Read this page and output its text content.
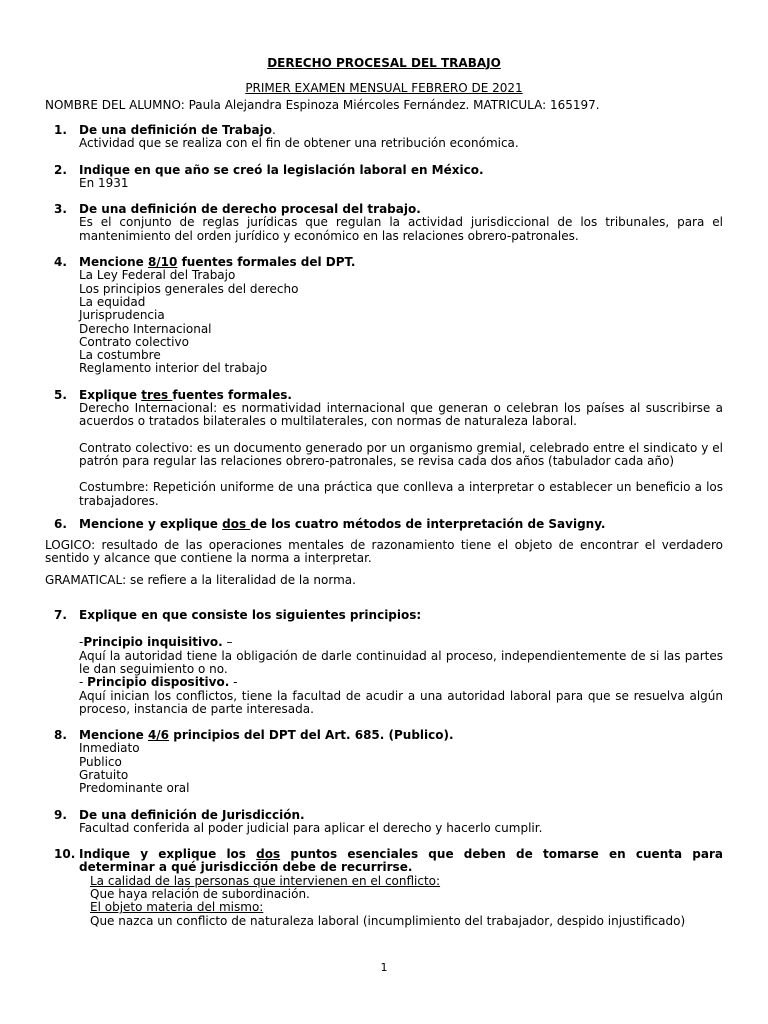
DERECHO PROCESAL DEL TRABAJO
PRIMER EXAMEN MENSUAL FEBRERO DE 2021
NOMBRE DEL ALUMNO: Paula Alejandra Espinoza Miércoles Fernández. MATRICULA: 165197.
1.	De una definición de Trabajo.
Actividad que se realiza con el fin de obtener una retribución económica.
2.	Indique en que año se creó la legislación laboral en México.
En 1931
3.	De una definición de derecho procesal del trabajo.
Es el conjunto de reglas jurídicas que regulan la actividad jurisdiccional de los tribunales, para el mantenimiento del orden jurídico y económico en las relaciones obrero-patronales.
4.	Mencione 8/10 fuentes formales del DPT.
La Ley Federal del Trabajo
Los principios generales del derecho
La equidad
Jurisprudencia
Derecho Internacional
Contrato colectivo
La costumbre
Reglamento interior del trabajo
5.	Explique tres fuentes formales.
Derecho Internacional: es normatividad internacional que generan o celebran los países al suscribirse a acuerdos o tratados bilaterales o multilaterales, con normas de naturaleza laboral.
Contrato colectivo: es un documento generado por un organismo gremial, celebrado entre el sindicato y el patrón para regular las relaciones obrero-patronales, se revisa cada dos años (tabulador cada año)
Costumbre: Repetición uniforme de una práctica que conlleva a interpretar o establecer un beneficio a los trabajadores.
6.	Mencione y explique dos de los cuatro métodos de interpretación de Savigny.
LOGICO: resultado de las operaciones mentales de razonamiento tiene el objeto de encontrar el verdadero sentido y alcance que contiene la norma a interpretar.
GRAMATICAL: se refiere a la literalidad de la norma.
7.	Explique en que consiste los siguientes principios:
-Principio inquisitivo. –
Aquí la autoridad tiene la obligación de darle continuidad al proceso, independientemente de si las partes le dan seguimiento o no.
- Principio dispositivo. -
Aquí inician los conflictos, tiene la facultad de acudir a una autoridad laboral para que se resuelva algún proceso, instancia de parte interesada.
8.	Mencione 4/6 principios del DPT del Art. 685. (Publico).
Inmediato
Publico
Gratuito
Predominante oral
9.	De una definición de Jurisdicción.
Facultad conferida al poder judicial para aplicar el derecho y hacerlo cumplir.
10. Indique y explique los dos puntos esenciales que deben de tomarse en cuenta para determinar a qué jurisdicción debe de recurrirse.
La calidad de las personas que intervienen en el conflicto:
Que haya relación de subordinación.
El objeto materia del mismo:
Que nazca un conflicto de naturaleza laboral (incumplimiento del trabajador, despido injustificado)
1
